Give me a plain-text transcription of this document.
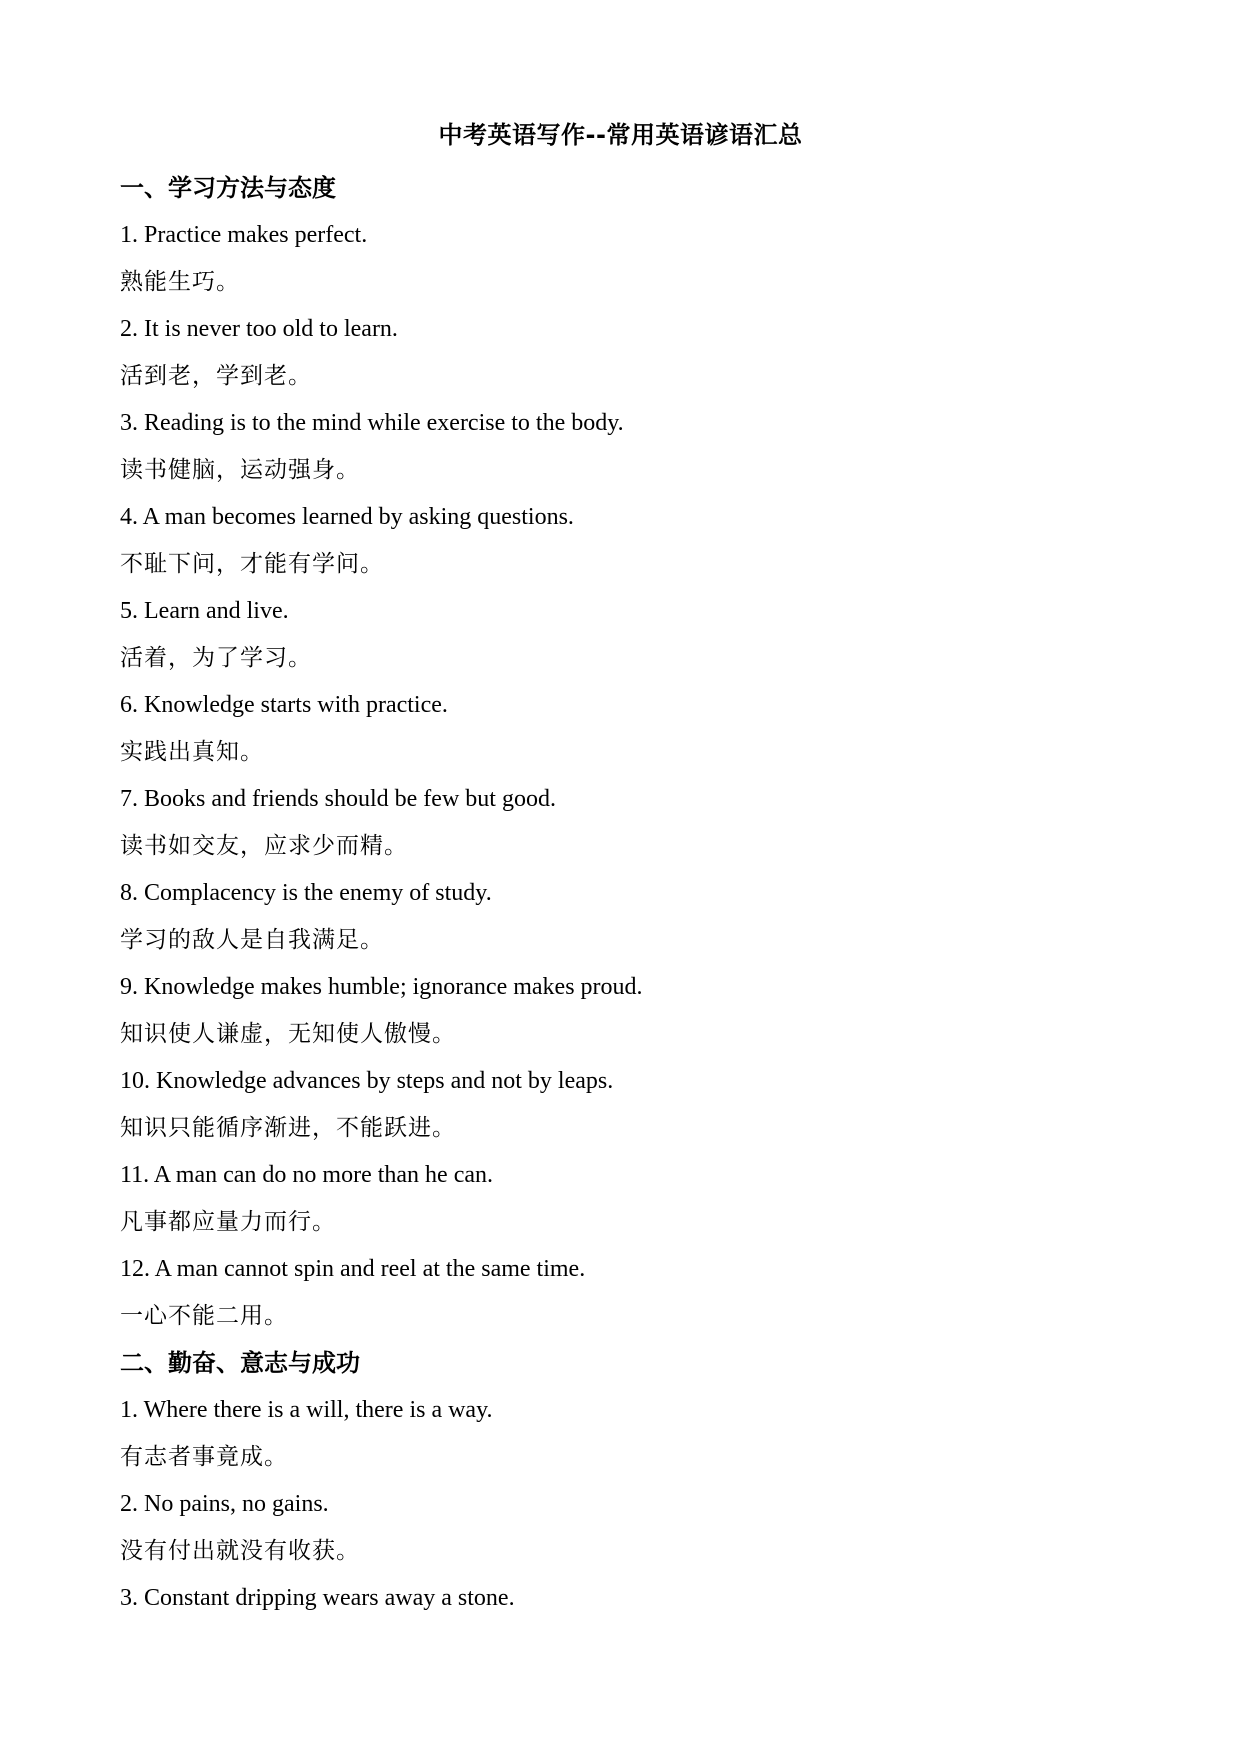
中考英语写作--常用英语谚语汇总
一、学习方法与态度
1. Practice makes perfect.
熟能生巧。
2. It is never too old to learn.
活到老，学到老。
3. Reading is to the mind while exercise to the body.
读书健脑，运动强身。
4. A man becomes learned by asking questions.
不耻下问，才能有学问。
5. Learn and live.
活着，为了学习。
6. Knowledge starts with practice.
实践出真知。
7. Books and friends should be few but good.
读书如交友，应求少而精。
8. Complacency is the enemy of study.
学习的敌人是自我满足。
9. Knowledge makes humble; ignorance makes proud.
知识使人谦虚，无知使人傲慢。
10. Knowledge advances by steps and not by leaps.
知识只能循序渐进，不能跃进。
11. A man can do no more than he can.
凡事都应量力而行。
12. A man cannot spin and reel at the same time.
一心不能二用。
二、勤奋、意志与成功
1. Where there is a will, there is a way.
有志者事竟成。
2. No pains, no gains.
没有付出就没有收获。
3. Constant dripping wears away a stone.
